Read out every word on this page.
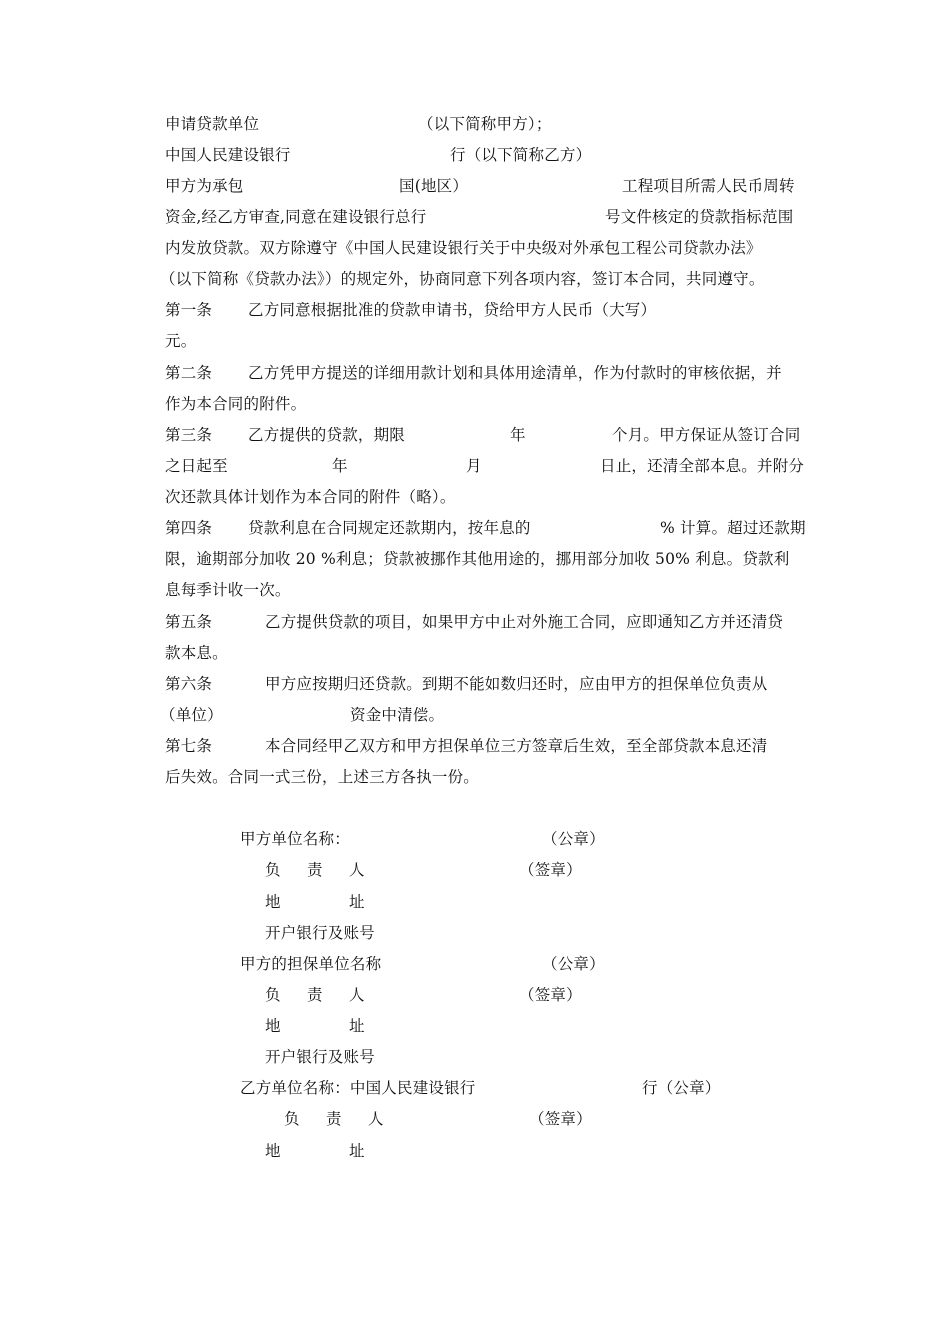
申请贷款单位	（以下简称甲方）；
中国人民建设银行	行（以下简称乙方）
甲方为承包	国(地区）	工程项目所需人民币周转
资金,经乙方审查,同意在建设银行总行	号文件核定的贷款指标范围
内发放贷款。双方除遵守《中国人民建设银行关于中央级对外承包工程公司贷款办法》
（以下简称《贷款办法》）的规定外，协商同意下列各项内容，签订本合同，共同遵守。
第一条 乙方同意根据批准的贷款申请书，贷给甲方人民币（大写）
元。
第二条 乙方凭甲方提送的详细用款计划和具体用途清单，作为付款时的审核依据，并
作为本合同的附件。
第三条 乙方提供的贷款，期限	年	个月。甲方保证从签订合同
之日起至	年	月	日止，还清全部本息。并附分
次还款具体计划作为本合同的附件（略）。
第四条 贷款利息在合同规定还款期内，按年息的	% 计算。超过还款期
限，逾期部分加收 20 %利息；贷款被挪作其他用途的，挪用部分加收 50% 利息。贷款利
息每季计收一次。
第五条	乙方提供贷款的项目，如果甲方中止对外施工合同，应即通知乙方并还清贷
款本息。
第六条	甲方应按期归还贷款。到期不能如数归还时，应由甲方的担保单位负责从
（单位）	资金中清偿。
第七条	本合同经甲乙双方和甲方担保单位三方签章后生效，至全部贷款本息还清
后失效。合同一式三份，上述三方各执一份。
甲方单位名称：	（公章）
负 责 人	（签章）
地	址
开户银行及账号
甲方的担保单位名称	（公章）
负 责 人	（签章）
地	址
开户银行及账号
乙方单位名称：中国人民建设银行	行（公章）
负 责 人	（签章）
地	址
